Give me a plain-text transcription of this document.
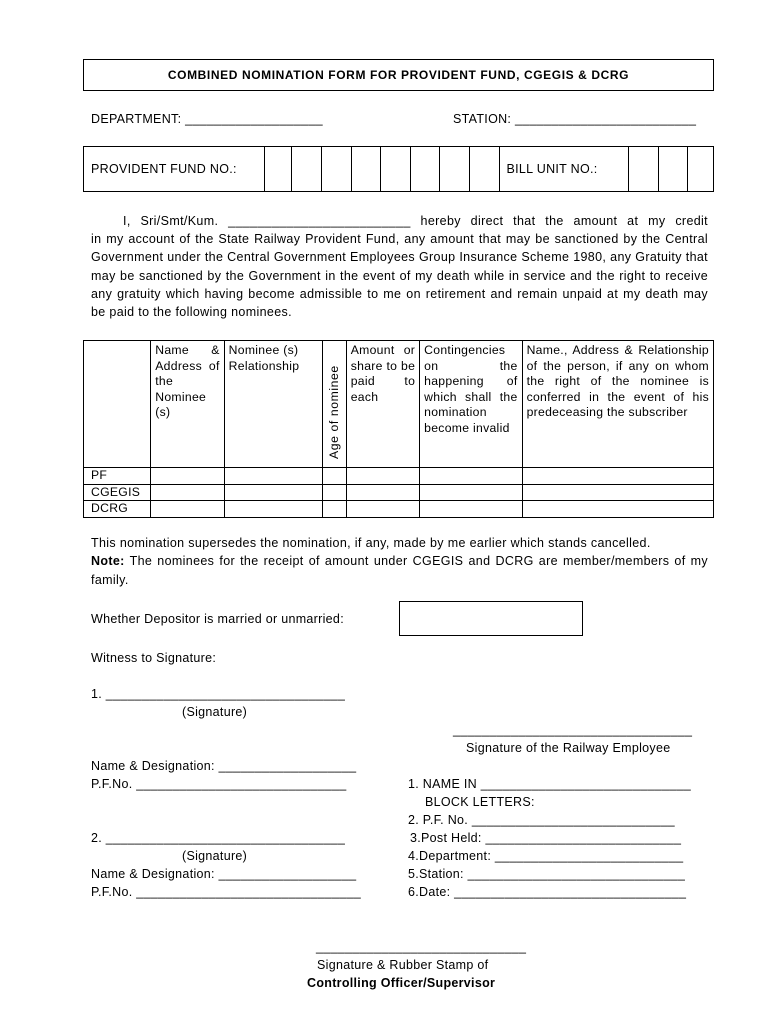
COMBINED NOMINATION FORM FOR PROVIDENT FUND, CGEGIS & DCRG
DEPARTMENT: ___________________	STATION: _________________________
PROVIDENT FUND NO.:									BILL UNIT NO.:			
I, Sri/Smt/Kum. _________________________ hereby direct that the amount at my credit
in my account of the State Railway Provident Fund, any amount that may be sanctioned by the Central Government under the Central Government Employees Group Insurance Scheme 1980, any Gratuity that may be sanctioned by the Government in the event of my death while in service and the right to receive any gratuity which having become admissible to me on retirement and remain unpaid at my death may be paid to the following nominees.

	Name & Address of the Nominee (s)	Nominee (s) Relationship	Age of nominee	Amount or share to be paid to each	Contingencies on the happening of which shall the nomination become invalid	Name., Address & Relationship of the person, if any on whom the right of the nominee is conferred in the event of his predeceasing the subscriber

PF						
CGEGIS						
DCRG						
This nomination supersedes the nomination, if any, made by me earlier which stands cancelled.
Note: The nominees for the receipt of amount under CGEGIS and DCRG are member/members of my family.
Whether Depositor is married or unmarried:
Witness to Signature:
1. _________________________________
(Signature)
Name & Designation: ___________________
P.F.No. _____________________________
2. _________________________________
(Signature)
Name & Designation: ___________________
P.F.No. _______________________________
_________________________________
Signature of the Railway Employee
1. NAME IN _____________________________
BLOCK LETTERS:
2. P.F. No. ____________________________
3.Post Held: ___________________________
4.Department: __________________________
5.Station: ______________________________
6.Date: ________________________________
_____________________________
Signature & Rubber Stamp of
Controlling Officer/Supervisor
